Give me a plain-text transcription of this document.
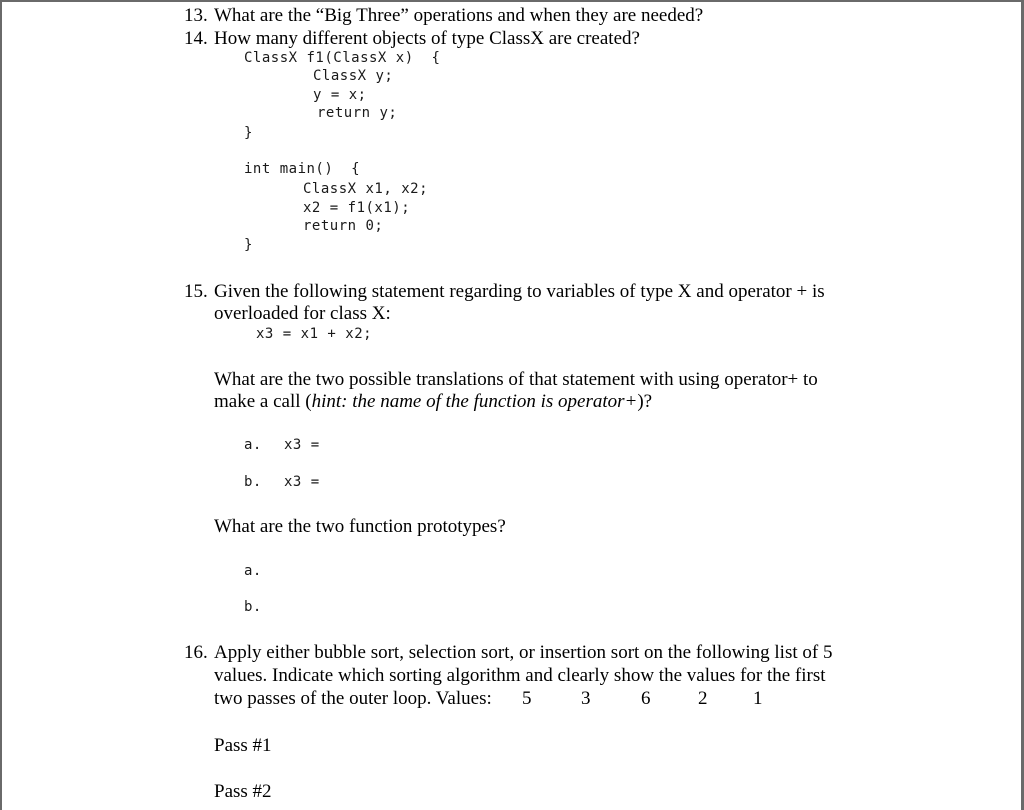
13. What are the “Big Three” operations and when they are needed?
14. How many different objects of type ClassX are created?
ClassX f1(ClassX x)  {
ClassX y;
y = x;
return y;
}
int main()  {
ClassX x1, x2;
x2 = f1(x1);
return 0;
}
15. Given the following statement regarding to variables of type X and operator + is
overloaded for class X:
x3 = x1 + x2;
What are the two possible translations of that statement with using operator+ to
make a call (hint: the name of the function is operator+)?
a. x3 =
b. x3 =
What are the two function prototypes?
a.
b.
16. Apply either bubble sort, selection sort, or insertion sort on the following list of 5
values. Indicate which sorting algorithm and clearly show the values for the first
two passes of the outer loop. Values: 5	3	6	2 1
Pass #1
Pass #2
